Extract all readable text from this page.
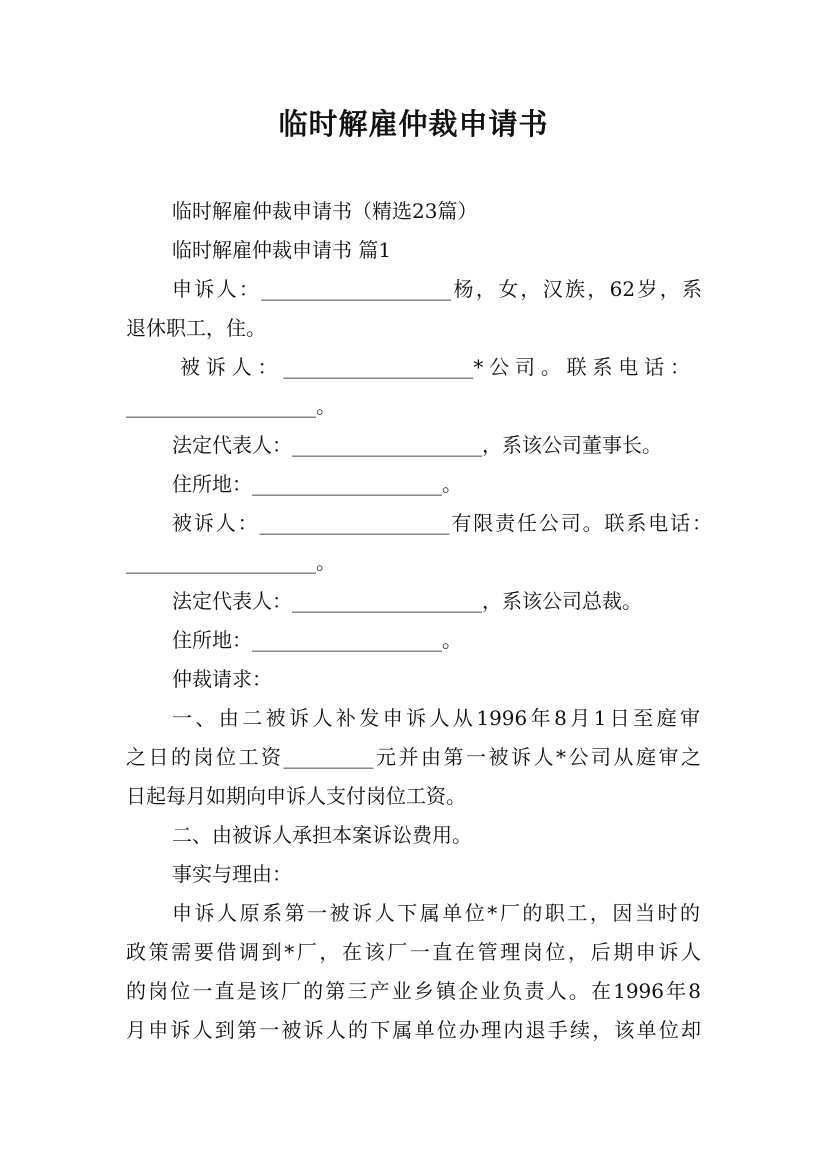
临时解雇仲裁申请书
临时解雇仲裁申请书（精选23篇）
临时解雇仲裁申请书 篇1
申诉人：___________________杨，女，汉族，62岁，系
退休职工，住。
被诉人：___________________*公司。联系电话：
___________________。
法定代表人：___________________，系该公司董事长。
住所地：___________________。
被诉人：___________________有限责任公司。联系电话：
___________________。
法定代表人：___________________，系该公司总裁。
住所地：___________________。
仲裁请求：
一、由二被诉人补发申诉人从1996年8月1日至庭审
之日的岗位工资_________元并由第一被诉人*公司从庭审之
日起每月如期向申诉人支付岗位工资。
二、由被诉人承担本案诉讼费用。
事实与理由：
申诉人原系第一被诉人下属单位*厂的职工，因当时的
政策需要借调到*厂，在该厂一直在管理岗位，后期申诉人
的岗位一直是该厂的第三产业乡镇企业负责人。在1996年8
月申诉人到第一被诉人的下属单位办理内退手续，该单位却
